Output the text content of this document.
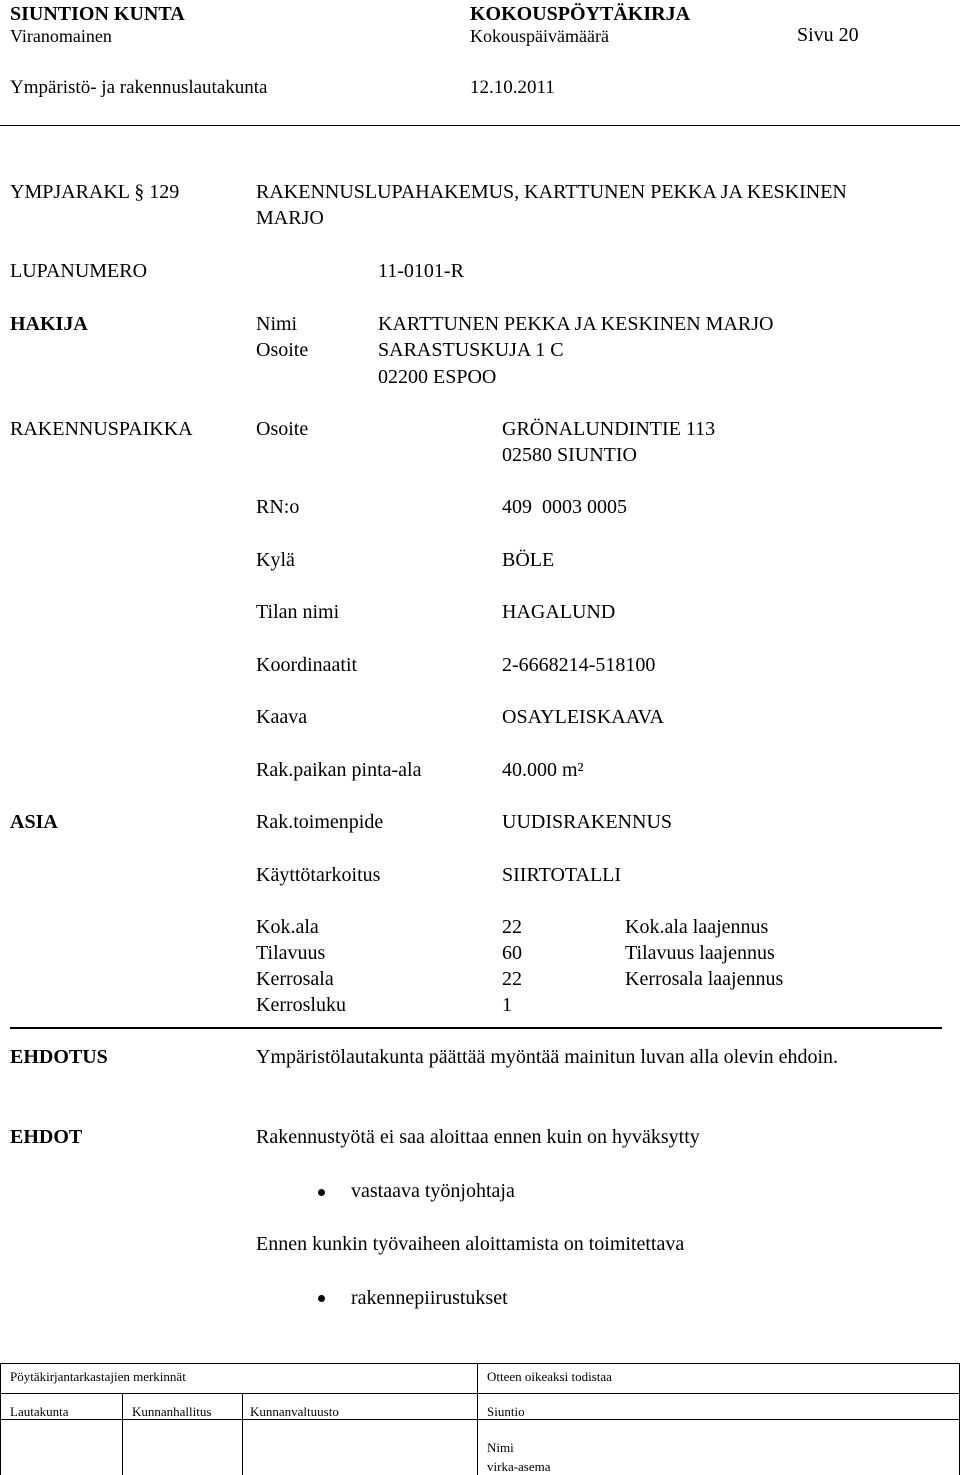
SIUNTION KUNTA	KOKOUSPÖYTÄKIRJA
Viranomainen	Kokouspäivämäärä	Sivu 20
Ympäristö- ja rakennuslautakunta	12.10.2011
YMPJARAKL § 129	RAKENNUSLUPAHAKEMUS, KARTTUNEN PEKKA JA KESKINEN
MARJO
LUPANUMERO	11-0101-R
HAKIJA	Nimi	KARTTUNEN PEKKA JA KESKINEN MARJO
Osoite	SARASTUSKUJA 1 C
02200 ESPOO
RAKENNUSPAIKKA	Osoite	GRÖNALUNDINTIE 113
02580 SIUNTIO
RN:o	409  0003 0005
Kylä	BÖLE
Tilan nimi	HAGALUND
Koordinaatit	2-6668214-518100
Kaava	OSAYLEISKAAVA
Rak.paikan pinta-ala	40.000 m²
ASIA	Rak.toimenpide	UUDISRAKENNUS
Käyttötarkoitus	SIIRTOTALLI
Kok.ala	22	Kok.ala laajennus
Tilavuus	60	Tilavuus laajennus
Kerrosala	22	Kerrosala laajennus
Kerrosluku	1
EHDOTUS	Ympäristölautakunta päättää myöntää mainitun luvan alla olevin ehdoin.
EHDOT	Rakennustyötä ei saa aloittaa ennen kuin on hyväksytty
vastaava työnjohtaja
Ennen kunkin työvaiheen aloittamista on toimitettava
rakennepiirustukset
Pöytäkirjantarkastajien merkinnät	Otteen oikeaksi todistaa
Lautakunta	Kunnanhallitus	Kunnanvaltuusto	Siuntio
Nimi
virka-asema
